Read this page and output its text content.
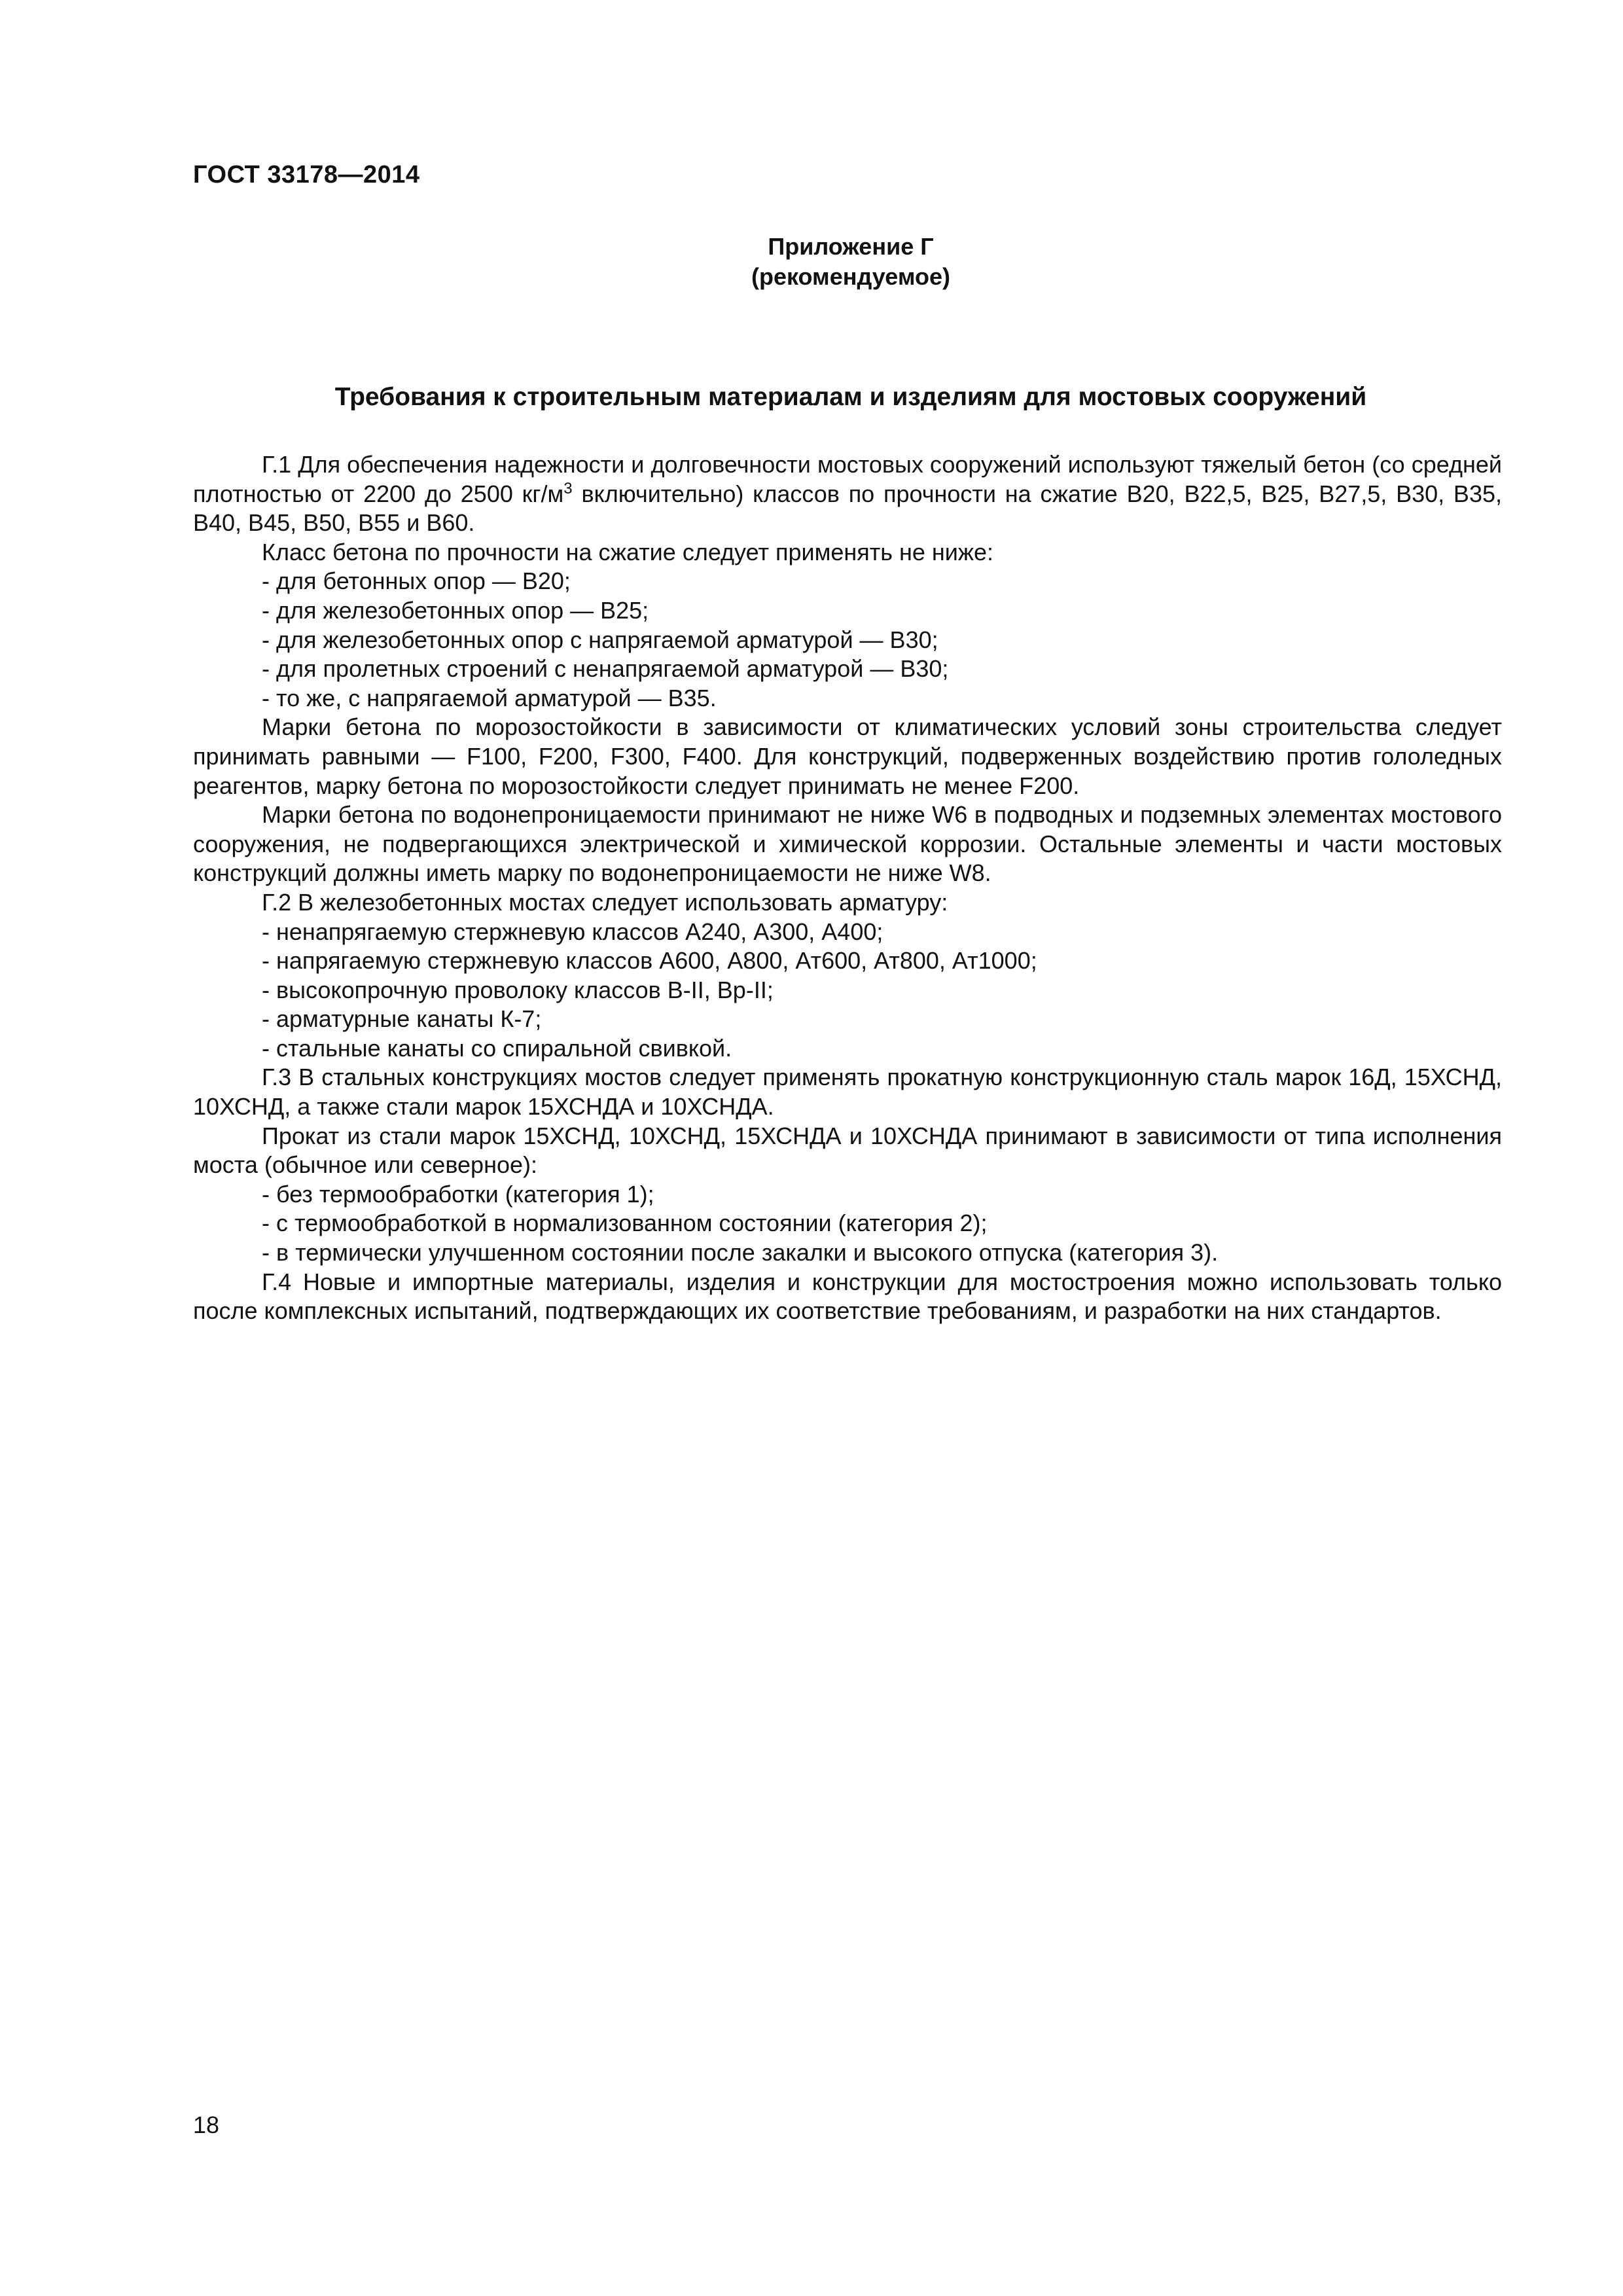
ГОСТ 33178—2014
Приложение Г
(рекомендуемое)
Требования к строительным материалам и изделиям для мостовых сооружений

Г.1 Для обеспечения надежности и долговечности мостовых сооружений используют тяжелый бетон (со средней плотностью от 2200 до 2500 $кг/м^3$ включительно) классов по прочности на сжатие B20, B22,5, B25, B27,5, B30, B35, B40, B45, B50, B55 и B60.

Класс бетона по прочности на сжатие следует применять не ниже:

- для бетонных опор — B20;

- для железобетонных опор — B25;

- для железобетонных опор с напрягаемой арматурой — B30;

- для пролетных строений с ненапрягаемой арматурой — B30;

- то же, с напрягаемой арматурой — B35.

Марки бетона по морозостойкости в зависимости от климатических условий зоны строительства следует принимать равными — F100, F200, F300, F400. Для конструкций, подверженных воздействию против гололедных реагентов, марку бетона по морозостойкости следует принимать не менее F200.

Марки бетона по водонепроницаемости принимают не ниже W6 в подводных и подземных элементах мостового сооружения, не подвергающихся электрической и химической коррозии. Остальные элементы и части мостовых конструкций должны иметь марку по водонепроницаемости не ниже W8.

Г.2 В железобетонных мостах следует использовать арматуру:

- ненапрягаемую стержневую классов А240, А300, А400;

- напрягаемую стержневую классов А600, А800, Ат600, Ат800, Ат1000;

- высокопрочную проволоку классов В-II, Вр-II;

- арматурные канаты К-7;

- стальные канаты со спиральной свивкой.

Г.3 В стальных конструкциях мостов следует применять прокатную конструкционную сталь марок 16Д, 15ХСНД, 10ХСНД, а также стали марок 15ХСНДА и 10ХСНДА.

Прокат из стали марок 15ХСНД, 10ХСНД, 15ХСНДА и 10ХСНДА принимают в зависимости от типа исполнения моста (обычное или северное):

- без термообработки (категория 1);

- с термообработкой в нормализованном состоянии (категория 2);

- в термически улучшенном состоянии после закалки и высокого отпуска (категория 3).

Г.4 Новые и импортные материалы, изделия и конструкции для мостостроения можно использовать только после комплексных испытаний, подтверждающих их соответствие требованиям, и разработки на них стандартов.

18
